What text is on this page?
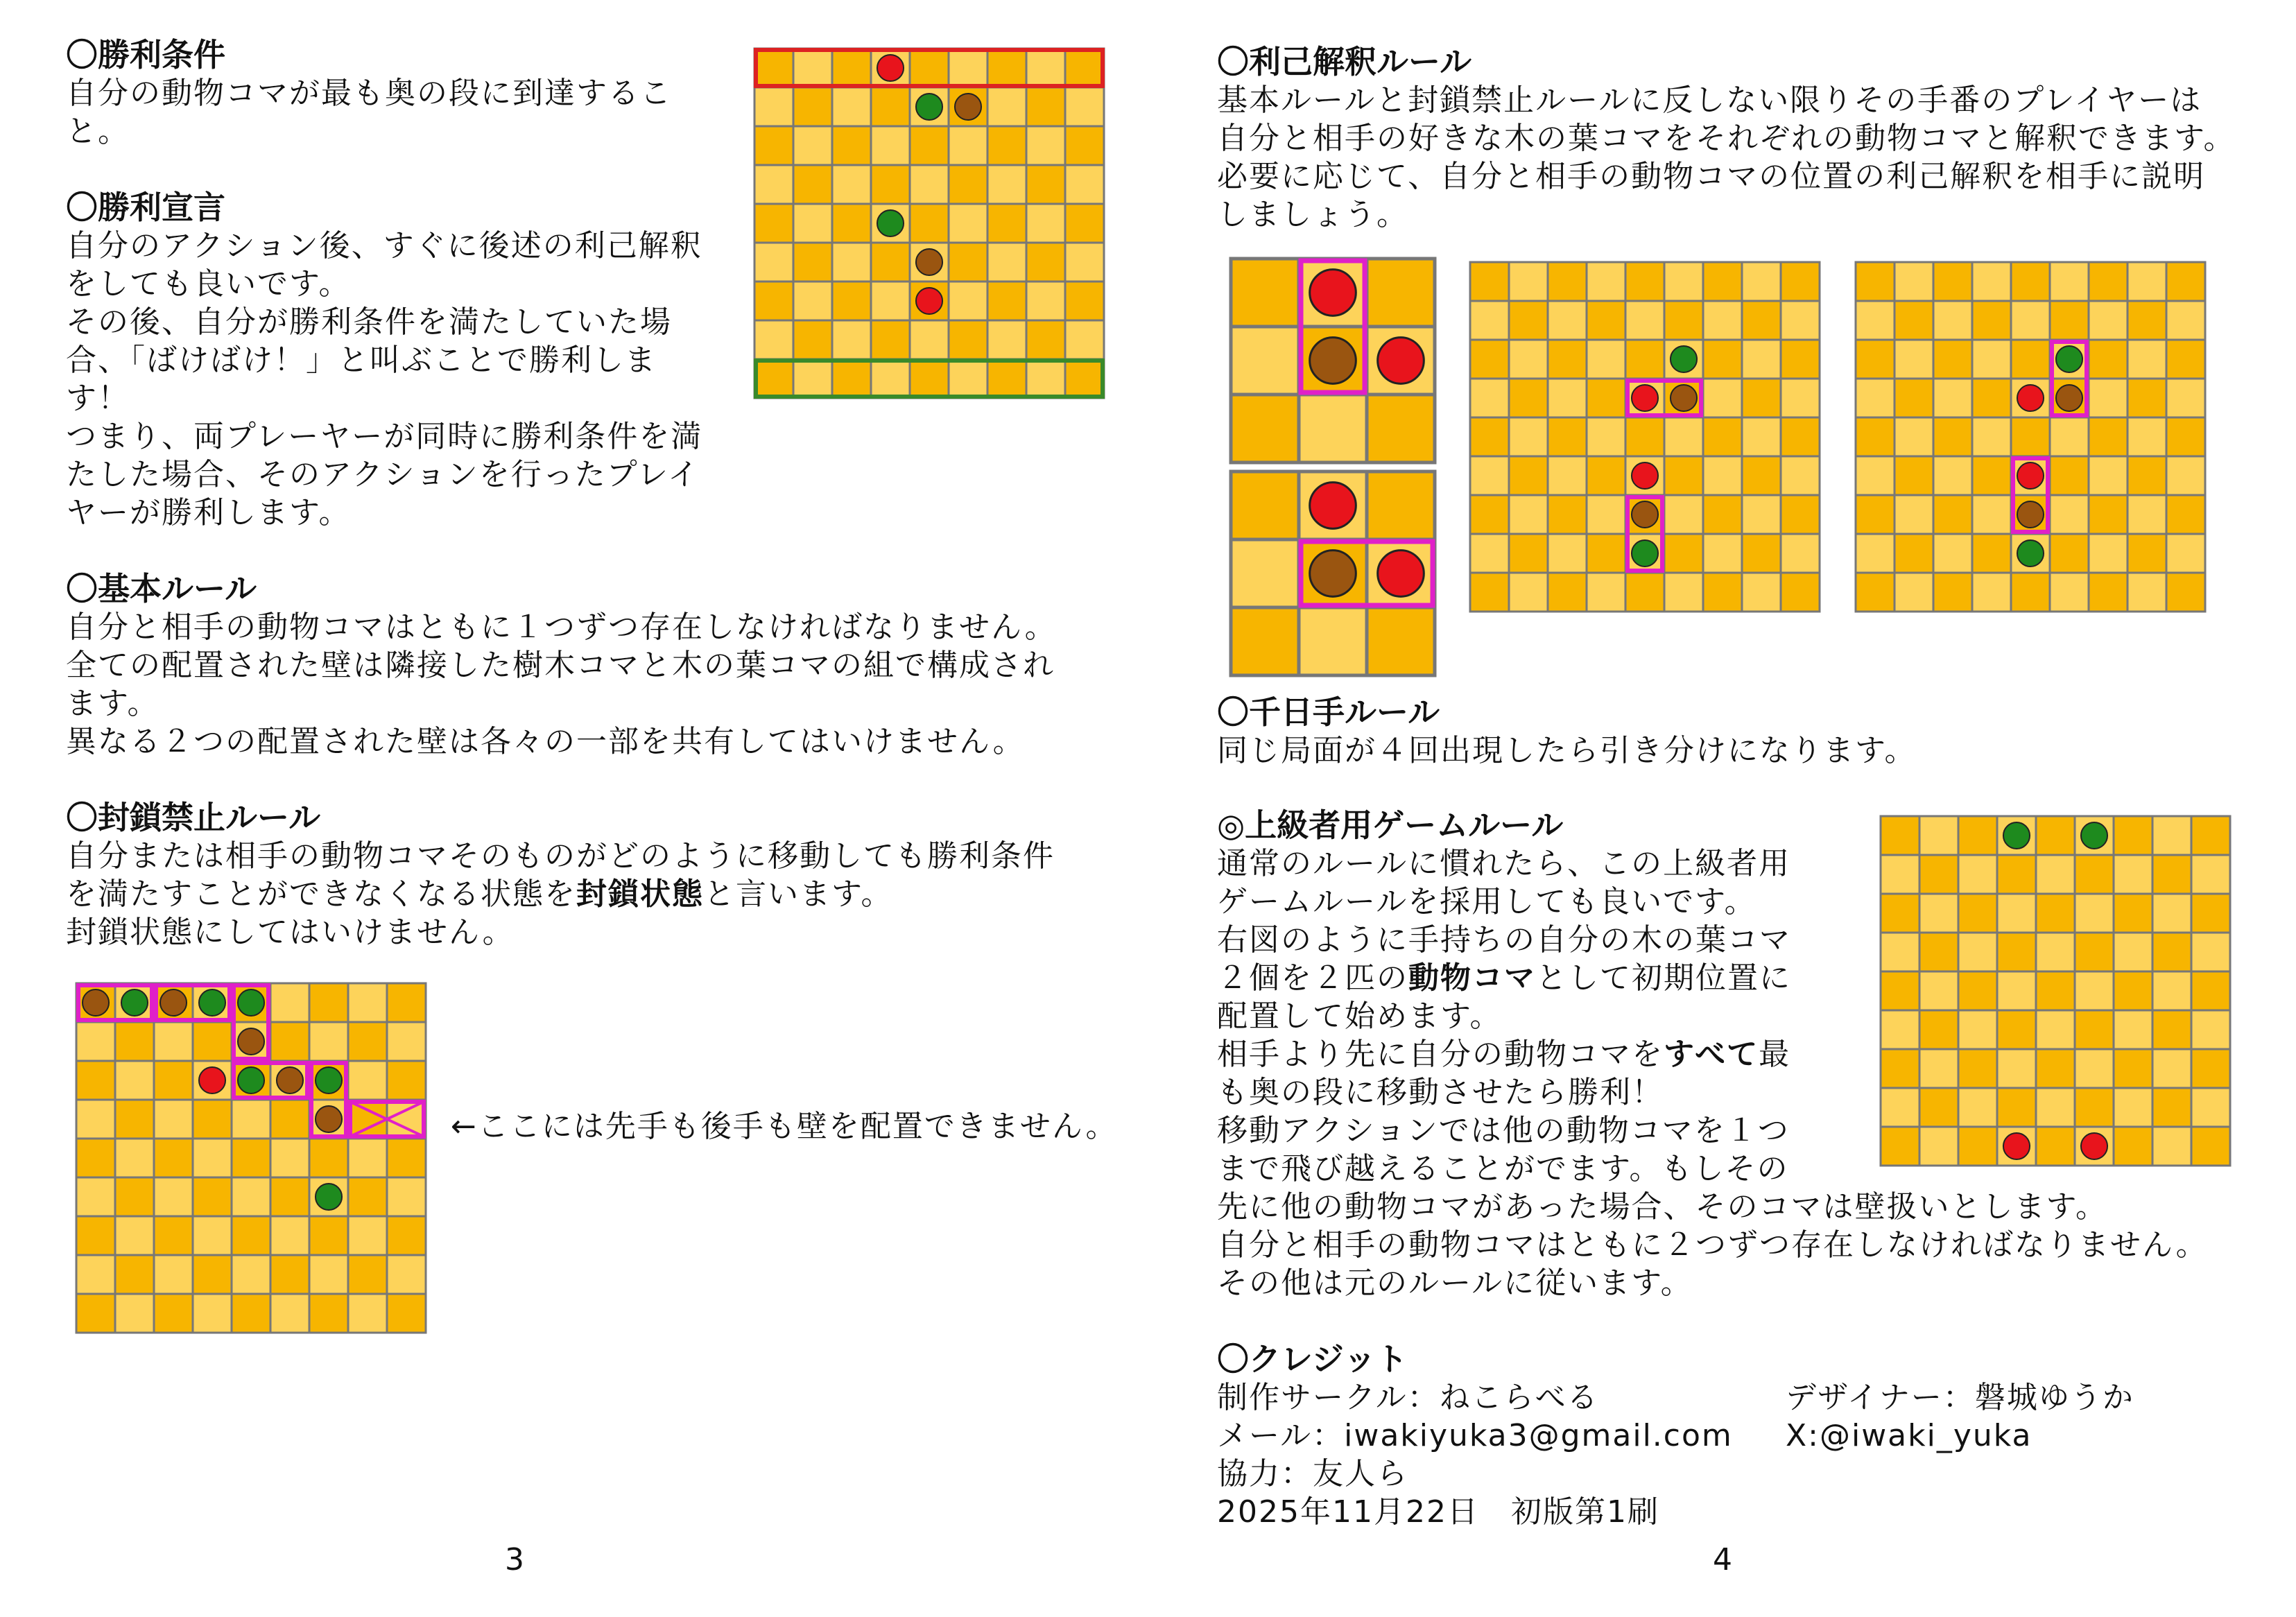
〇勝利条件
自分の動物コマが最も奥の段に到達するこ
と。
〇勝利宣言
自分のアクション後、すぐに後述の利己解釈
をしても良いです。
その後、自分が勝利条件を満たしていた場
合、「ばけばけ！」と叫ぶことで勝利しま
す！
つまり、両プレーヤーが同時に勝利条件を満
たした場合、そのアクションを行ったプレイ
ヤーが勝利します。
〇基本ルール
自分と相手の動物コマはともに１つずつ存在しなければなりません。
全ての配置された壁は隣接した樹木コマと木の葉コマの組で構成され
ます。
異なる２つの配置された壁は各々の一部を共有してはいけません。
〇封鎖禁止ルール
自分または相手の動物コマそのものがどのように移動しても勝利条件
を満たすことができなくなる状態を封鎖状態と言います。
封鎖状態にしてはいけません。
←ここには先手も後手も壁を配置できません。
3
〇利己解釈ルール
基本ルールと封鎖禁止ルールに反しない限りその手番のプレイヤーは
自分と相手の好きな木の葉コマをそれぞれの動物コマと解釈できます。
必要に応じて、自分と相手の動物コマの位置の利己解釈を相手に説明
しましょう。
〇千日手ルール
同じ局面が４回出現したら引き分けになります。
◎上級者用ゲームルール
通常のルールに慣れたら、この上級者用
ゲームルールを採用しても良いです。
右図のように手持ちの自分の木の葉コマ
２個を２匹の動物コマとして初期位置に
配置して始めます。
相手より先に自分の動物コマをすべて最
も奥の段に移動させたら勝利！
移動アクションでは他の動物コマを１つ
まで飛び越えることがでます。もしその
先に他の動物コマがあった場合、そのコマは壁扱いとします。
自分と相手の動物コマはともに２つずつ存在しなければなりません。
その他は元のルールに従います。
〇クレジット
制作サークル：ねこらべる	デザイナー：磐城ゆうか
メール：iwakiyuka3@gmail.com X:@iwaki_yuka
協力：友人ら
2025年11月22日　初版第1刷
4
